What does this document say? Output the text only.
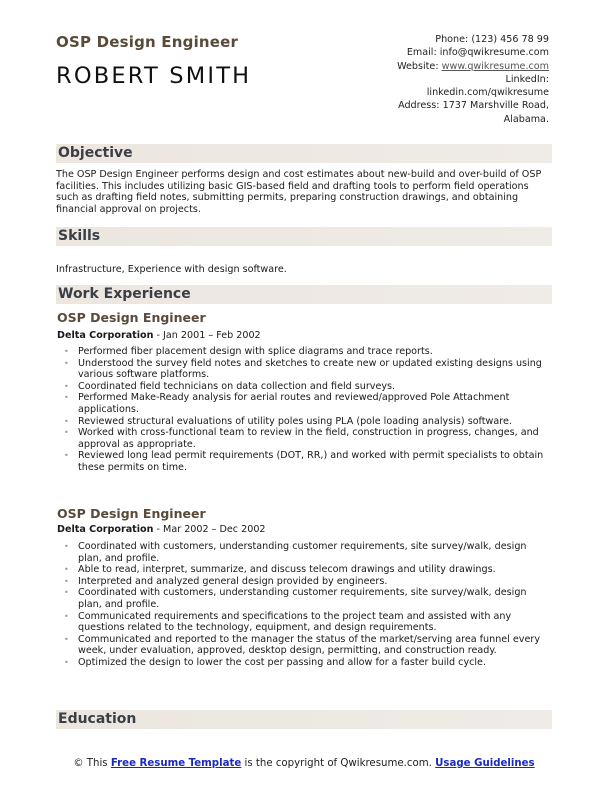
OSP Design Engineer
ROBERT SMITH
Phone: (123) 456 78 99
Email: info@qwikresume.com
Website: www.qwikresume.com
LinkedIn:
linkedin.com/qwikresume
Address: 1737 Marshville Road,
Alabama.
Objective
The OSP Design Engineer performs design and cost estimates about new-build and over-build of OSP facilities. This includes utilizing basic GIS-based field and drafting tools to perform field operations such as drafting field notes, submitting permits, preparing construction drawings, and obtaining financial approval on projects.
Skills
Infrastructure, Experience with design software.
Work Experience
OSP Design Engineer
Delta Corporation - Jan 2001 – Feb 2002
• Performed fiber placement design with splice diagrams and trace reports.
• Understood the survey field notes and sketches to create new or updated existing designs using various software platforms.
• Coordinated field technicians on data collection and field surveys.
• Performed Make-Ready analysis for aerial routes and reviewed/approved Pole Attachment applications.
• Reviewed structural evaluations of utility poles using PLA (pole loading analysis) software.
• Worked with cross-functional team to review in the field, construction in progress, changes, and approval as appropriate.
• Reviewed long lead permit requirements (DOT, RR,) and worked with permit specialists to obtain these permits on time.
OSP Design Engineer
Delta Corporation - Mar 2002 – Dec 2002
• Coordinated with customers, understanding customer requirements, site survey/walk, design plan, and profile.
• Able to read, interpret, summarize, and discuss telecom drawings and utility drawings.
• Interpreted and analyzed general design provided by engineers.
• Coordinated with customers, understanding customer requirements, site survey/walk, design plan, and profile.
• Communicated requirements and specifications to the project team and assisted with any questions related to the technology, equipment, and design requirements.
• Communicated and reported to the manager the status of the market/serving area funnel every week, under evaluation, approved, desktop design, permitting, and construction ready.
• Optimized the design to lower the cost per passing and allow for a faster build cycle.
Education
© This Free Resume Template is the copyright of Qwikresume.com. Usage Guidelines
